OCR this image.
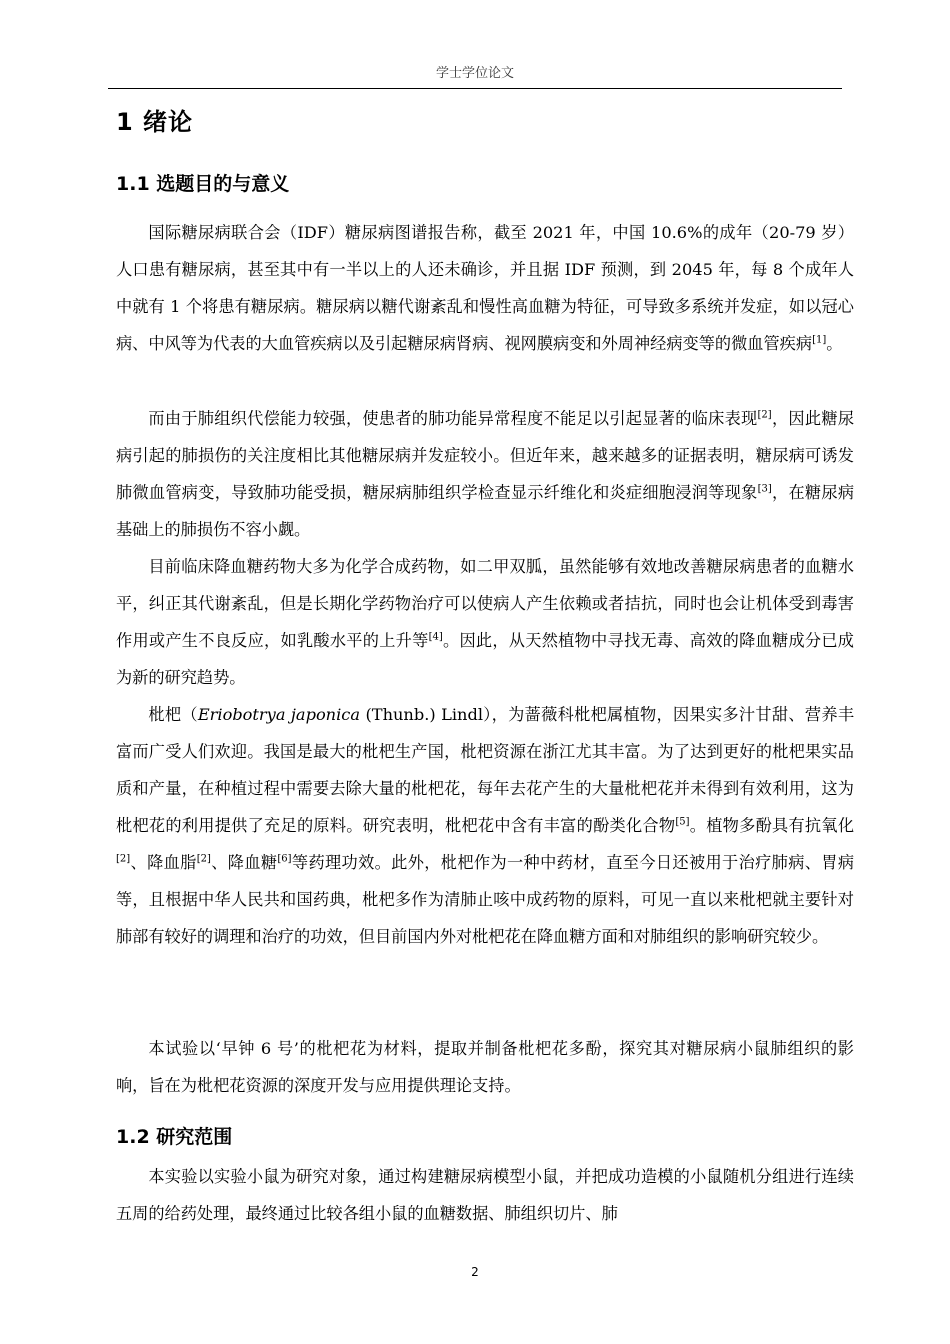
学士学位论文
1 绪论
1.1 选题目的与意义
国际糖尿病联合会（IDF）糖尿病图谱报告称，截至 2021 年，中国 10.6%的成年（20-79 岁）人口患有糖尿病，甚至其中有一半以上的人还未确诊，并且据 IDF 预测，到 2045 年，每 8 个成年人中就有 1 个将患有糖尿病。糖尿病以糖代谢紊乱和慢性高血糖为特征，可导致多系统并发症，如以冠心病、中风等为代表的大血管疾病以及引起糖尿病肾病、视网膜病变和外周神经病变等的微血管疾病[1]。
而由于肺组织代偿能力较强，使患者的肺功能异常程度不能足以引起显著的临床表现[2]，因此糖尿病引起的肺损伤的关注度相比其他糖尿病并发症较小。但近年来，越来越多的证据表明，糖尿病可诱发肺微血管病变，导致肺功能受损，糖尿病肺组织学检查显示纤维化和炎症细胞浸润等现象[3]，在糖尿病基础上的肺损伤不容小觑。
目前临床降血糖药物大多为化学合成药物，如二甲双胍，虽然能够有效地改善糖尿病患者的血糖水平，纠正其代谢紊乱，但是长期化学药物治疗可以使病人产生依赖或者拮抗，同时也会让机体受到毒害作用或产生不良反应，如乳酸水平的上升等[4]。因此，从天然植物中寻找无毒、高效的降血糖成分已成为新的研究趋势。
枇杷（Eriobotrya japonica (Thunb.) Lindl），为蔷薇科枇杷属植物，因果实多汁甘甜、营养丰富而广受人们欢迎。我国是最大的枇杷生产国，枇杷资源在浙江尤其丰富。为了达到更好的枇杷果实品质和产量，在种植过程中需要去除大量的枇杷花，每年去花产生的大量枇杷花并未得到有效利用，这为枇杷花的利用提供了充足的原料。研究表明，枇杷花中含有丰富的酚类化合物[5]。植物多酚具有抗氧化[2]、降血脂[2]、降血糖[6]等药理功效。此外，枇杷作为一种中药材，直至今日还被用于治疗肺病、胃病等，且根据中华人民共和国药典，枇杷多作为清肺止咳中成药物的原料，可见一直以来枇杷就主要针对肺部有较好的调理和治疗的功效，但目前国内外对枇杷花在降血糖方面和对肺组织的影响研究较少。
本试验以‘早钟 6 号’的枇杷花为材料，提取并制备枇杷花多酚，探究其对糖尿病小鼠肺组织的影响，旨在为枇杷花资源的深度开发与应用提供理论支持。
1.2 研究范围
本实验以实验小鼠为研究对象，通过构建糖尿病模型小鼠，并把成功造模的小鼠随机分组进行连续五周的给药处理，最终通过比较各组小鼠的血糖数据、肺组织切片、肺
2
